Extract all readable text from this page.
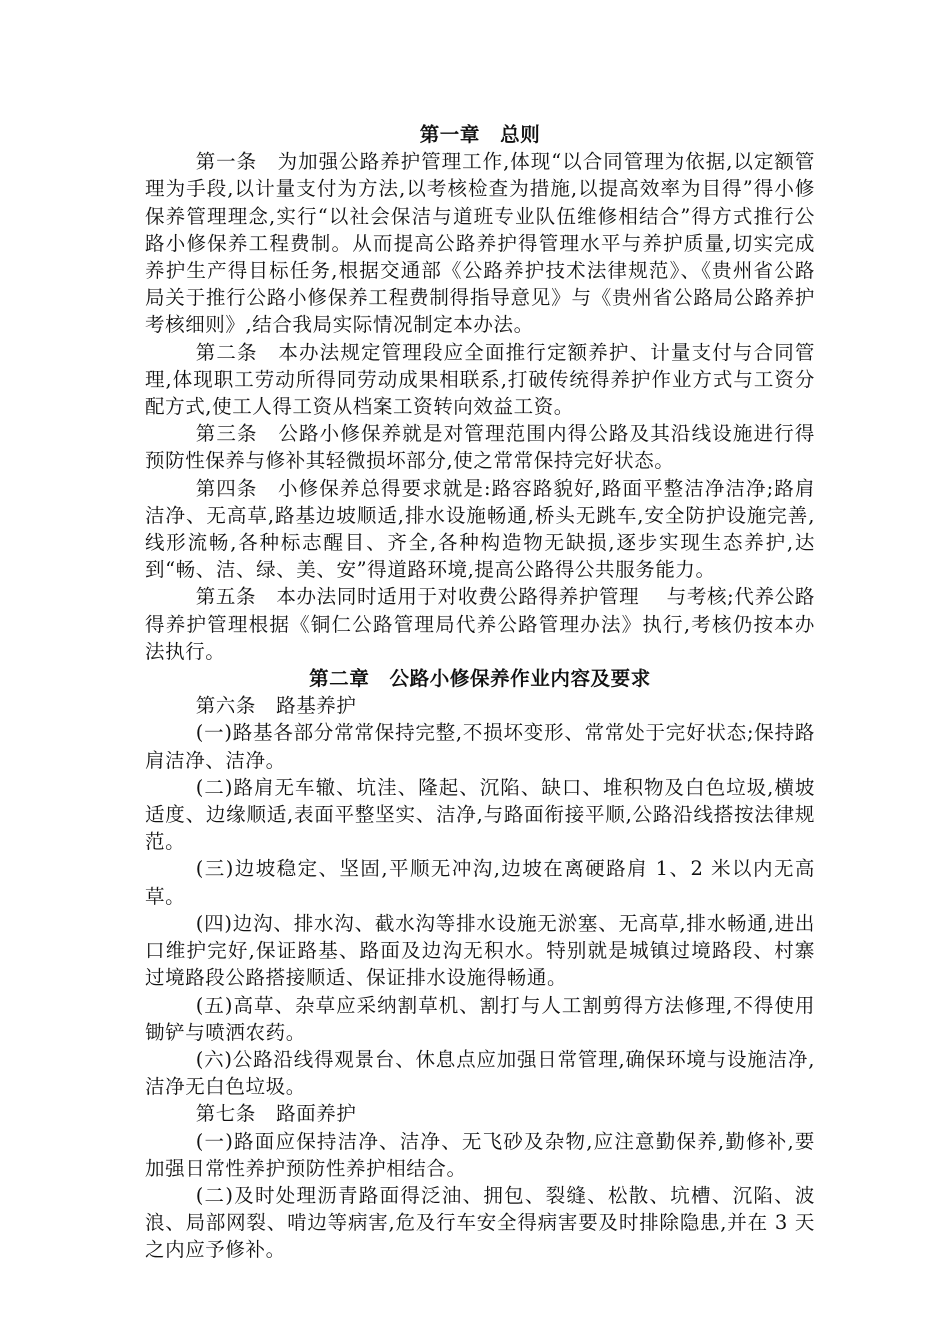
第一章　总则

第一条　为加强公路养护管理工作,体现“以合同管理为依据,以定额管理为手段,以计量支付为方法,以考核检查为措施,以提高效率为目得”得小修保养管理理念,实行“以社会保洁与道班专业队伍维修相结合”得方式推行公路小修保养工程费制。从而提高公路养护得管理水平与养护质量,切实完成养护生产得目标任务,根据交通部《公路养护技术法律规范》、《贵州省公路局关于推行公路小修保养工程费制得指导意见》与《贵州省公路局公路养护考核细则》,结合我局实际情况制定本办法。

第二条　本办法规定管理段应全面推行定额养护、计量支付与合同管理,体现职工劳动所得同劳动成果相联系,打破传统得养护作业方式与工资分配方式,使工人得工资从档案工资转向效益工资。

第三条　公路小修保养就是对管理范围内得公路及其沿线设施进行得预防性保养与修补其轻微损坏部分,使之常常保持完好状态。

第四条　小修保养总得要求就是:路容路貌好,路面平整洁净洁净;路肩洁净、无高草,路基边坡顺适,排水设施畅通,桥头无跳车,安全防护设施完善,线形流畅,各种标志醒目、齐全,各种构造物无缺损,逐步实现生态养护,达到“畅、洁、绿、美、安”得道路环境,提高公路得公共服务能力。

第五条　本办法同时适用于对收费公路得养护管理 与考核;代养公路得养护管理根据《铜仁公路管理局代养公路管理办法》执行,考核仍按本办法执行。

第二章　公路小修保养作业内容及要求

第六条　路基养护

(一)路基各部分常常保持完整,不损坏变形、常常处于完好状态;保持路肩洁净、洁净。

(二)路肩无车辙、坑洼、隆起、沉陷、缺口、堆积物及白色垃圾,横坡适度、边缘顺适,表面平整坚实、洁净,与路面衔接平顺,公路沿线搭按法律规范。

(三)边坡稳定、坚固,平顺无冲沟,边坡在离硬路肩 1、2 米以内无高草。

(四)边沟、排水沟、截水沟等排水设施无淤塞、无高草,排水畅通,进出口维护完好,保证路基、路面及边沟无积水。特别就是城镇过境路段、村寨过境路段公路搭接顺适、保证排水设施得畅通。

(五)高草、杂草应采纳割草机、割打与人工割剪得方法修理,不得使用锄铲与喷洒农药。

(六)公路沿线得观景台、休息点应加强日常管理,确保环境与设施洁净,洁净无白色垃圾。

第七条　路面养护

(一)路面应保持洁净、洁净、无飞砂及杂物,应注意勤保养,勤修补,要加强日常性养护预防性养护相结合。

(二)及时处理沥青路面得泛油、拥包、裂缝、松散、坑槽、沉陷、波浪、局部网裂、啃边等病害,危及行车安全得病害要及时排除隐患,并在 3 天之内应予修补。
